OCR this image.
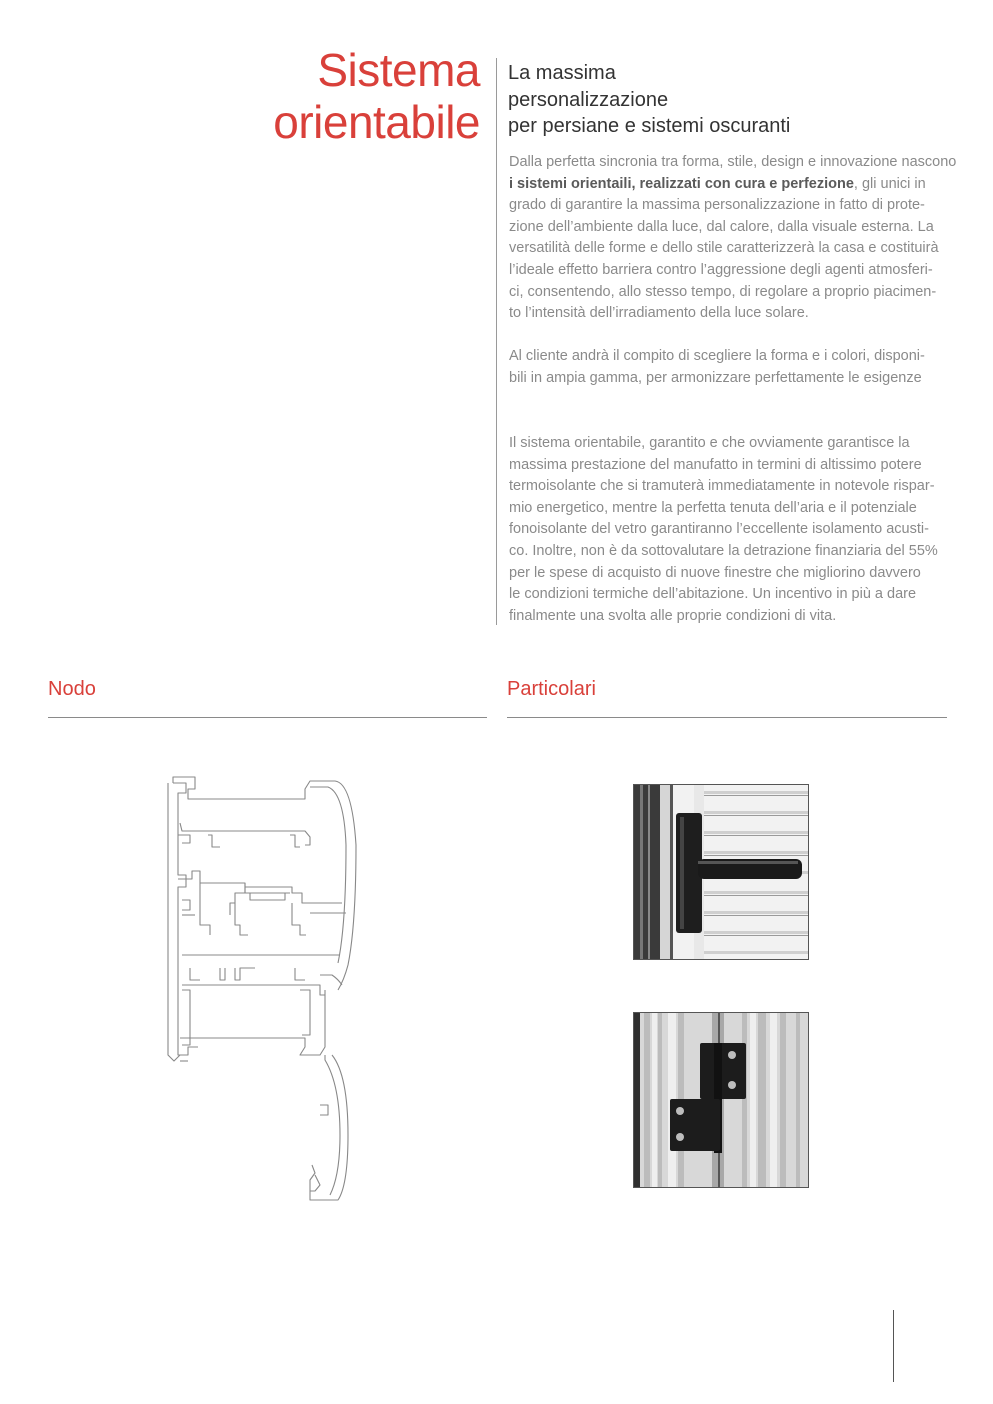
Sistema
orientabile
La massima
personalizzazione
per persiane e sistemi oscuranti
Dalla perfetta sincronia tra forma, stile, design e innovazione nascono
i sistemi orientaili, realizzati con cura e perfezione, gli unici in
grado di garantire la massima personalizzazione in fatto di prote-
zione dell’ambiente dalla luce, dal calore, dalla visuale esterna. La
versatilità delle forme e dello stile caratterizzerà la casa e costituirà
l’ideale effetto barriera contro l’aggressione degli agenti atmosferi-
ci, consentendo, allo stesso tempo, di regolare a proprio piacimen-
to l’intensità dell’irradiamento della luce solare.
Al cliente andrà il compito di scegliere la forma e i colori, disponi-
bili in ampia gamma, per armonizzare perfettamente le esigenze
Il sistema orientabile, garantito e che ovviamente garantisce la
massima prestazione del manufatto in termini di altissimo potere
termoisolante che si tramuterà immediatamente in notevole rispar-
mio energetico, mentre la perfetta tenuta dell’aria e il potenziale
fonoisolante del vetro garantiranno l’eccellente isolamento acusti-
co. Inoltre, non è da sottovalutare la detrazione finanziaria del 55%
per le spese di acquisto di nuove finestre che migliorino davvero
le condizioni termiche dell’abitazione. Un incentivo in più a dare
finalmente una svolta alle proprie condizioni di vita.
Nodo	Particolari
